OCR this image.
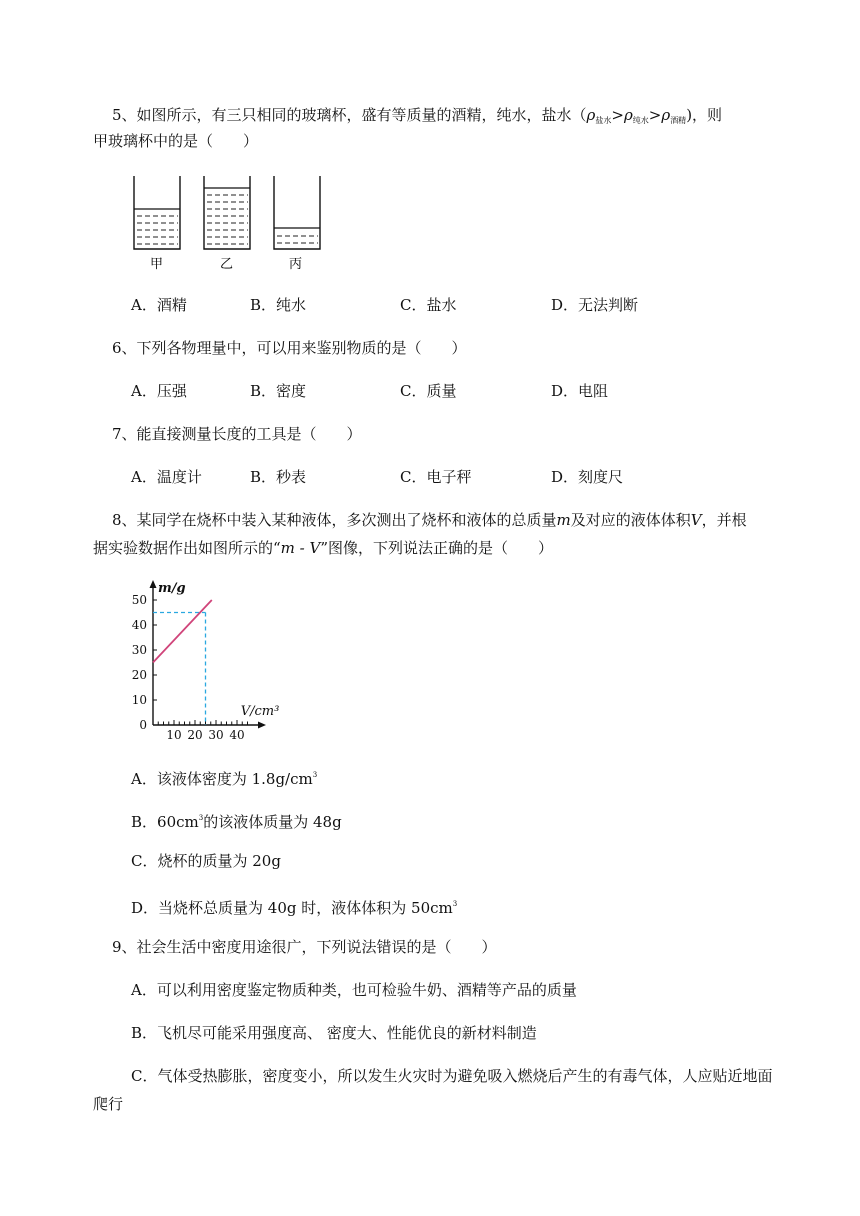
5、如图所示，有三只相同的玻璃杯，盛有等质量的酒精，纯水，盐水$(\rho_{盐水}>\rho_{纯水}>\rho_{酒精})$，则
甲玻璃杯中的是（　　）
甲	乙	丙
A．酒精	B．纯水	C．盐水	D．无法判断
6、下列各物理量中，可以用来鉴别物质的是（　　）
A．压强	B．密度	C．质量	D．电阻
7、能直接测量长度的工具是（　　）
A．温度计	B．秒表	C．电子秤	D．刻度尺
8、某同学在烧杯中装入某种液体，多次测出了烧杯和液体的总质量m及对应的液体体积V，并根
据实验数据作出如图所示的“m - V”图像，下列说法正确的是（　　）
0
10
20
30
40
50
10 20 30 40
m/g
V/cm³
A．该液体密度为 $1.8g/cm^3$
B．$60cm^3$的该液体质量为 48g
C．烧杯的质量为 20g
D．当烧杯总质量为 40g 时，液体体积为 $50cm^3$
9、社会生活中密度用途很广，下列说法错误的是（　　）
A．可以利用密度鉴定物质种类，也可检验牛奶、酒精等产品的质量
B．飞机尽可能采用强度高、 密度大、性能优良的新材料制造
C．气体受热膨胀，密度变小，所以发生火灾时为避免吸入燃烧后产生的有毒气体，人应贴近地面
爬行
